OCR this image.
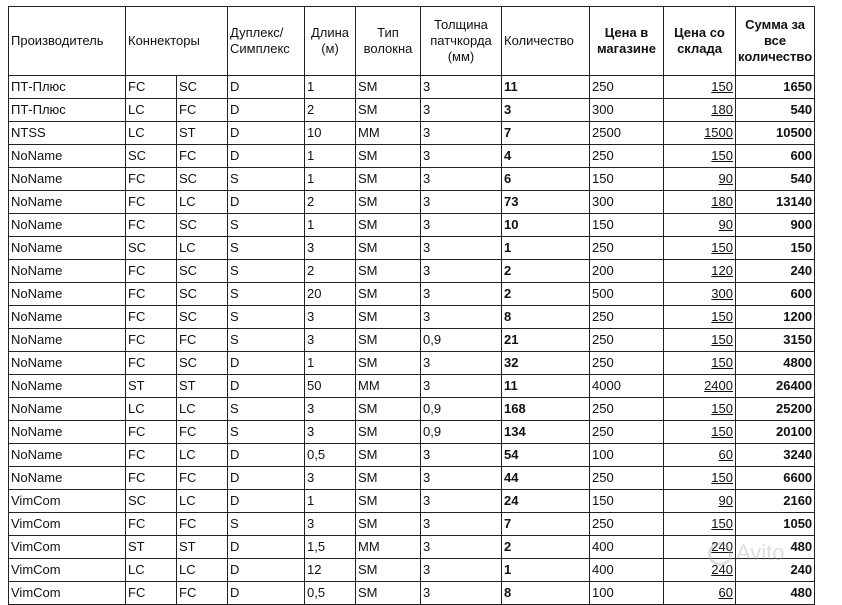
Производитель	Коннекторы		Дуплекс/ Симплекс	Длина (м)	Тип волокна	Толщина патчкорда (мм)	Количество	Цена в магазине	Цена со склада	Сумма за все количество
ПТ-Плюс	FC	SC	D	1	SM	3	11	250	150	1650
ПТ-Плюс	LC	FC	D	2	SM	3	3	300	180	540
NTSS	LC	ST	D	10	MM	3	7	2500	1500	10500
NoName	SC	FC	D	1	SM	3	4	250	150	600
NoName	FC	SC	S	1	SM	3	6	150	90	540
NoName	FC	LC	D	2	SM	3	73	300	180	13140
NoName	FC	SC	S	1	SM	3	10	150	90	900
NoName	SC	LC	S	3	SM	3	1	250	150	150
NoName	FC	SC	S	2	SM	3	2	200	120	240
NoName	FC	SC	S	20	SM	3	2	500	300	600
NoName	FC	SC	S	3	SM	3	8	250	150	1200
NoName	FC	FC	S	3	SM	0,9	21	250	150	3150
NoName	FC	SC	D	1	SM	3	32	250	150	4800
NoName	ST	ST	D	50	MM	3	11	4000	2400	26400
NoName	LC	LC	S	3	SM	0,9	168	250	150	25200
NoName	FC	FC	S	3	SM	0,9	134	250	150	20100
NoName	FC	LC	D	0,5	SM	3	54	100	60	3240
NoName	FC	FC	D	3	SM	3	44	250	150	6600
VimCom	SC	LC	D	1	SM	3	24	150	90	2160
VimCom	FC	FC	S	3	SM	3	7	250	150	1050
VimCom	ST	ST	D	1,5	MM	3	2	400	240	480
VimCom	LC	LC	D	12	SM	3	1	400	240	240
VimCom	FC	FC	D	0,5	SM	3	8	100	60	480
Avito
